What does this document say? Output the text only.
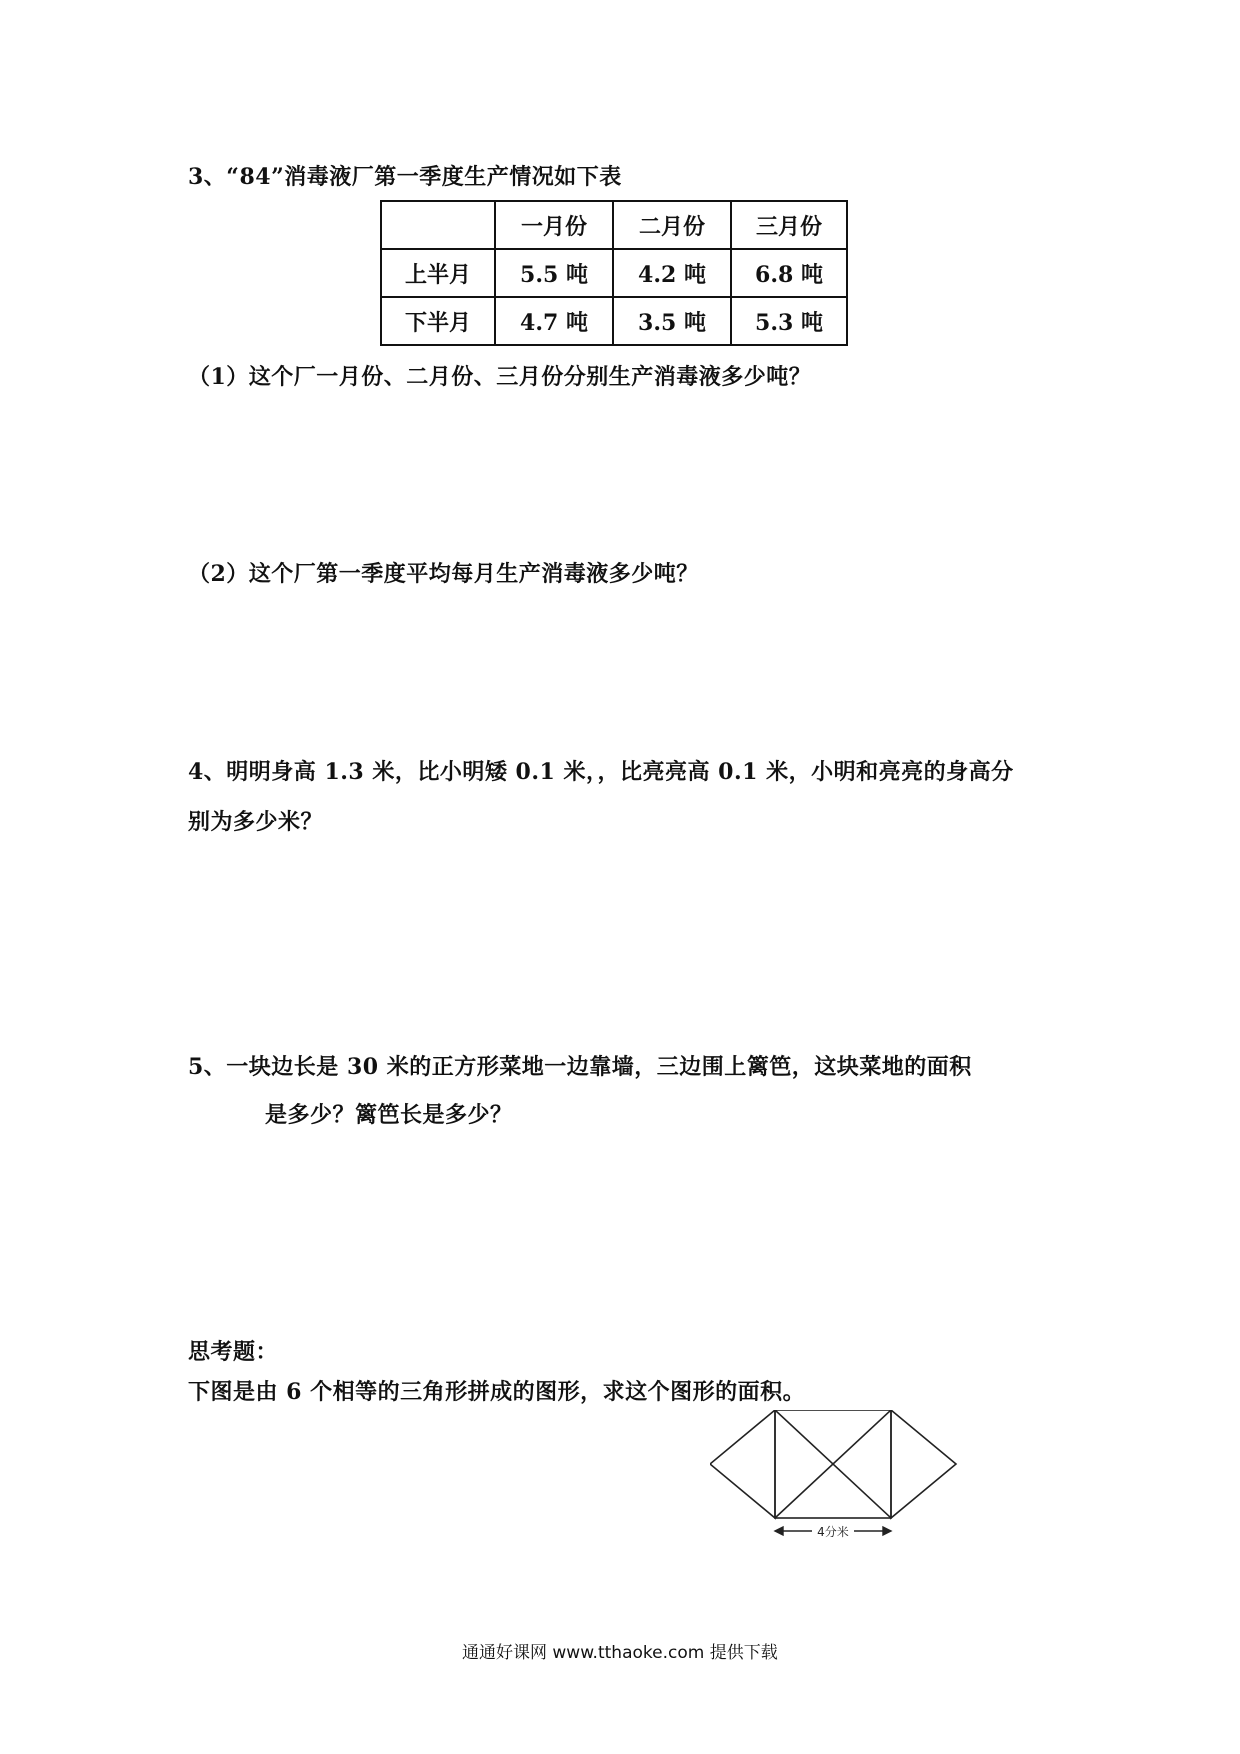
3、“84”消毒液厂第一季度生产情况如下表
	一月份	二月份	三月份
上半月	5.5 吨	4.2 吨	6.8 吨
下半月	4.7 吨	3.5 吨	5.3 吨
（1）这个厂一月份、二月份、三月份分别生产消毒液多少吨？
（2）这个厂第一季度平均每月生产消毒液多少吨？
4、明明身高 1.3 米，比小明矮 0.1 米，，比亮亮高 0.1 米，小明和亮亮的身高分
别为多少米？
5、一块边长是 30 米的正方形菜地一边靠墙，三边围上篱笆，这块菜地的面积
是多少？篱笆长是多少？
思考题：
下图是由 6 个相等的三角形拼成的图形，求这个图形的面积。
4分米
通通好课网 www.tthaoke.com 提供下载
